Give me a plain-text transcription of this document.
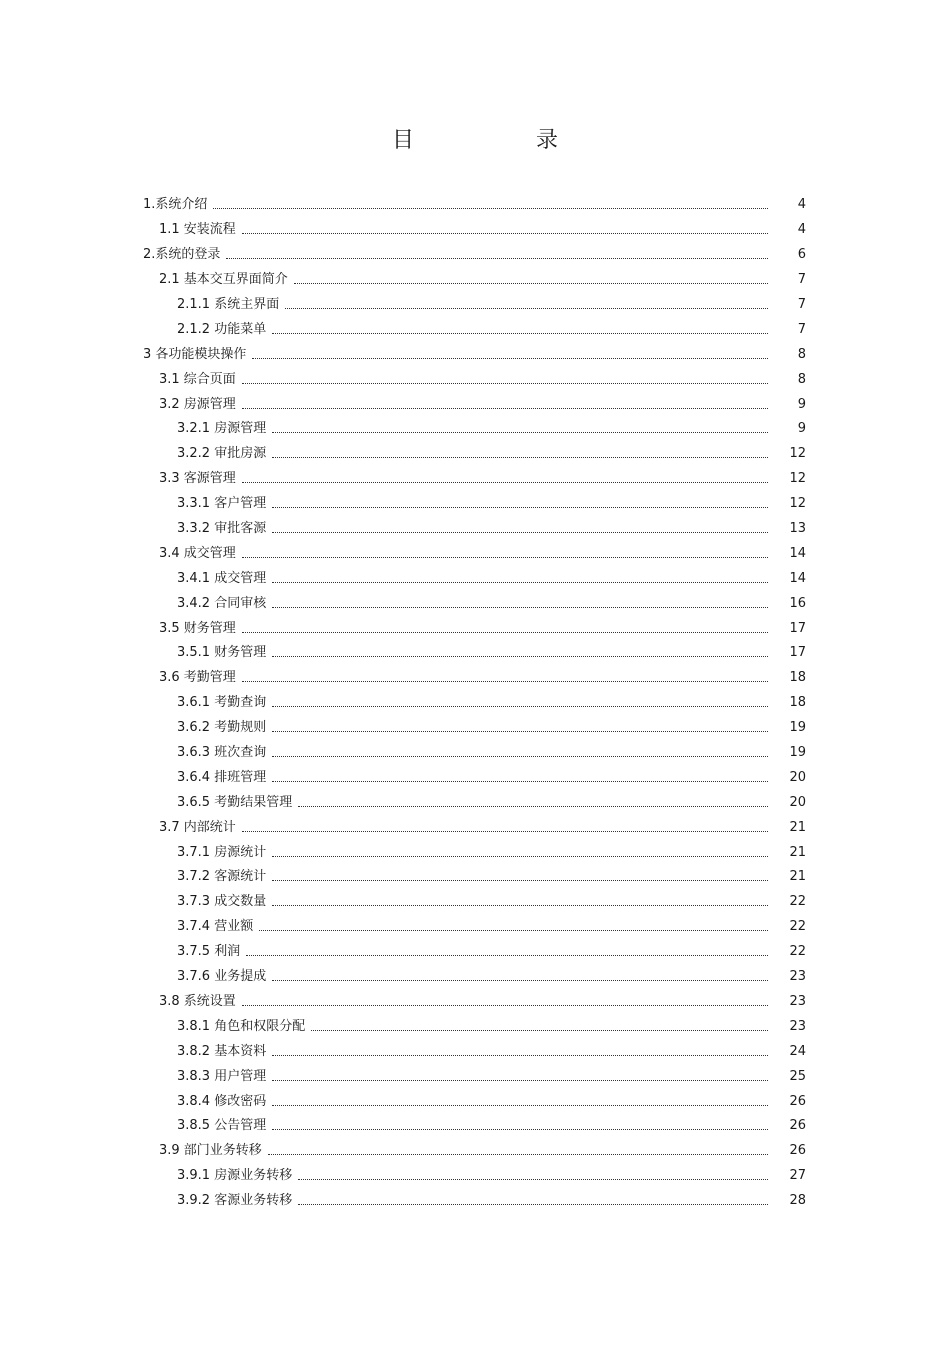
目　录
1.系统介绍	4
1.1 安装流程	4
2.系统的登录	6
2.1 基本交互界面简介	7
2.1.1 系统主界面	7
2.1.2 功能菜单	7
3 各功能模块操作	8
3.1 综合页面	8
3.2 房源管理	9
3.2.1 房源管理	9
3.2.2 审批房源	12
3.3 客源管理	12
3.3.1 客户管理	12
3.3.2 审批客源	13
3.4 成交管理	14
3.4.1 成交管理	14
3.4.2 合同审核	16
3.5 财务管理	17
3.5.1 财务管理	17
3.6 考勤管理	18
3.6.1 考勤查询	18
3.6.2 考勤规则	19
3.6.3 班次查询	19
3.6.4 排班管理	20
3.6.5 考勤结果管理	20
3.7 内部统计	21
3.7.1 房源统计	21
3.7.2 客源统计	21
3.7.3 成交数量	22
3.7.4 营业额	22
3.7.5 利润	22
3.7.6 业务提成	23
3.8 系统设置	23
3.8.1 角色和权限分配	23
3.8.2 基本资料	24
3.8.3 用户管理	25
3.8.4 修改密码	26
3.8.5 公告管理	26
3.9 部门业务转移	26
3.9.1 房源业务转移	27
3.9.2 客源业务转移	28
